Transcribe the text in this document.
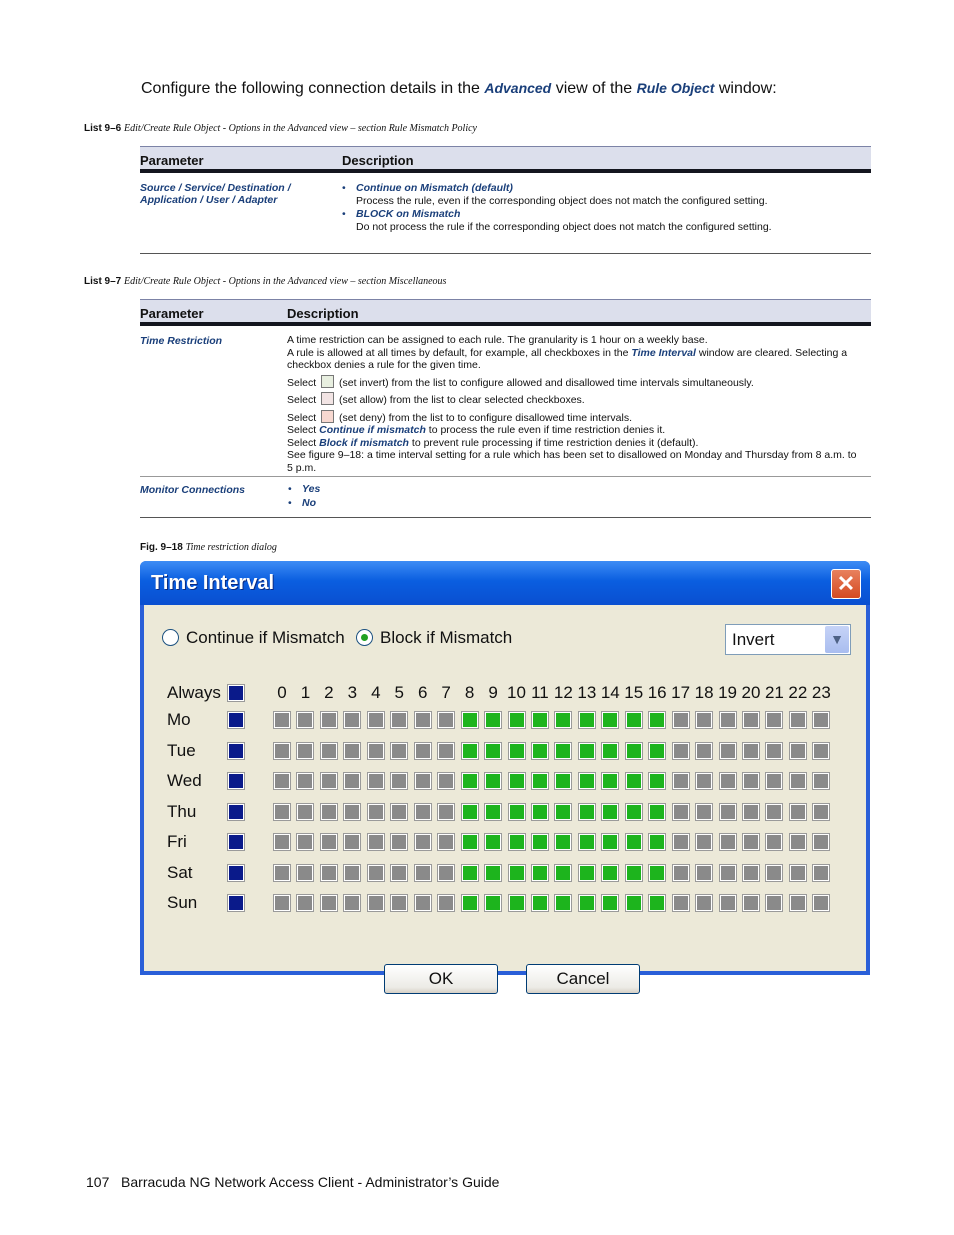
Configure the following connection details in the Advanced view of the Rule Object window:
List 9–6 Edit/Create Rule Object - Options in the Advanced view – section Rule Mismatch Policy
Parameter	Description
Source / Service/ Destination / Application / User / Adapter
• Continue on Mismatch (default)
Process the rule, even if the corresponding object does not match the configured setting.
• BLOCK on Mismatch
Do not process the rule if the corresponding object does not match the configured setting.
List 9–7 Edit/Create Rule Object - Options in the Advanced view – section Miscellaneous
Parameter	Description
Time Restriction	A time restriction can be assigned to each rule. The granularity is 1 hour on a weekly base.
A rule is allowed at all times by default, for example, all checkboxes in the Time Interval window are cleared. Selecting a checkbox denies a rule for the given time.
Select (set invert) from the list to configure allowed and disallowed time intervals simultaneously.
Select (set allow) from the list to clear selected checkboxes.
Select (set deny) from the list to to configure disallowed time intervals.
Select Continue if mismatch to process the rule even if time restriction denies it.
Select Block if mismatch to prevent rule processing if time restriction denies it (default).
See figure 9–18: a time interval setting for a rule which has been set to disallowed on Monday and Thursday from 8 a.m. to 5 p.m.
Monitor Connections
•	Yes
• No
Fig. 9–18 Time restriction dialog
Time Interval	✕
Continue if Mismatch Block if Mismatch	Invert	▼
Always	0 1 2 3 4 5 6 7 8 9 10 11 12 13 14 15 16 17 18 19 20 21 22 23
Mo
Tue
Wed
Thu
Fri
Sat
Sun
OK	Cancel
107 Barracuda NG Network Access Client - Administrator’s Guide
